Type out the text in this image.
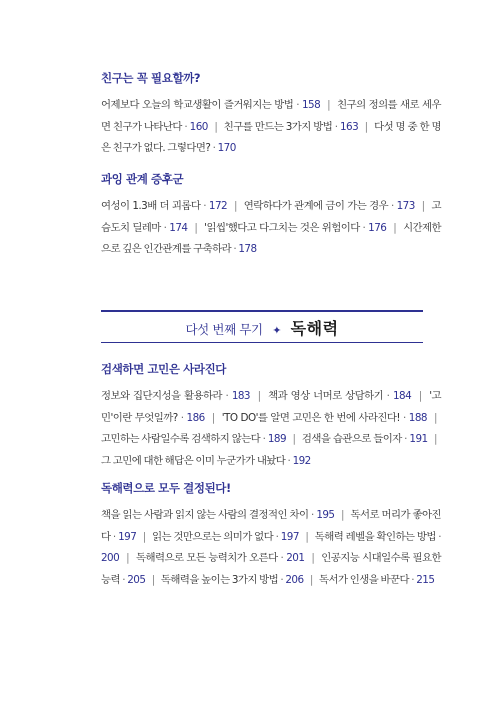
친구는 꼭 필요할까?
어제보다 오늘의 학교생활이 즐거워지는 방법 · 158 | 친구의 정의를 새로 세우면 친구가 나타난다 · 160 | 친구를 만드는 3가지 방법 · 163 | 다섯 명 중 한 명은 친구가 없다. 그렇다면? · 170
과잉 관계 증후군
여성이 1.3배 더 괴롭다 · 172 | 연락하다가 관계에 금이 가는 경우 · 173 | 고슴도치 딜레마 · 174 | '읽씹'했다고 다그치는 것은 위험이다 · 176 | 시간제한으로 깊은 인간관계를 구축하라 · 178
다섯 번째 무기 ✦ 독해력
검색하면 고민은 사라진다
정보와 집단지성을 활용하라 · 183 | 책과 영상 너머로 상담하기 · 184 | '고민'이란 무엇일까? · 186 | 'TO DO'를 알면 고민은 한 번에 사라진다! · 188 | 고민하는 사람일수록 검색하지 않는다 · 189 | 검색을 습관으로 들이자 · 191 | 그 고민에 대한 해답은 이미 누군가가 내놨다 · 192
독해력으로 모두 결정된다!
책을 읽는 사람과 읽지 않는 사람의 결정적인 차이 · 195 | 독서로 머리가 좋아진다 · 197 | 읽는 것만으로는 의미가 없다 · 197 | 독해력 레벨을 확인하는 방법 · 200 | 독해력으로 모든 능력치가 오른다 · 201 | 인공지능 시대일수록 필요한 능력 · 205 | 독해력을 높이는 3가지 방법 · 206 | 독서가 인생을 바꾼다 · 215
